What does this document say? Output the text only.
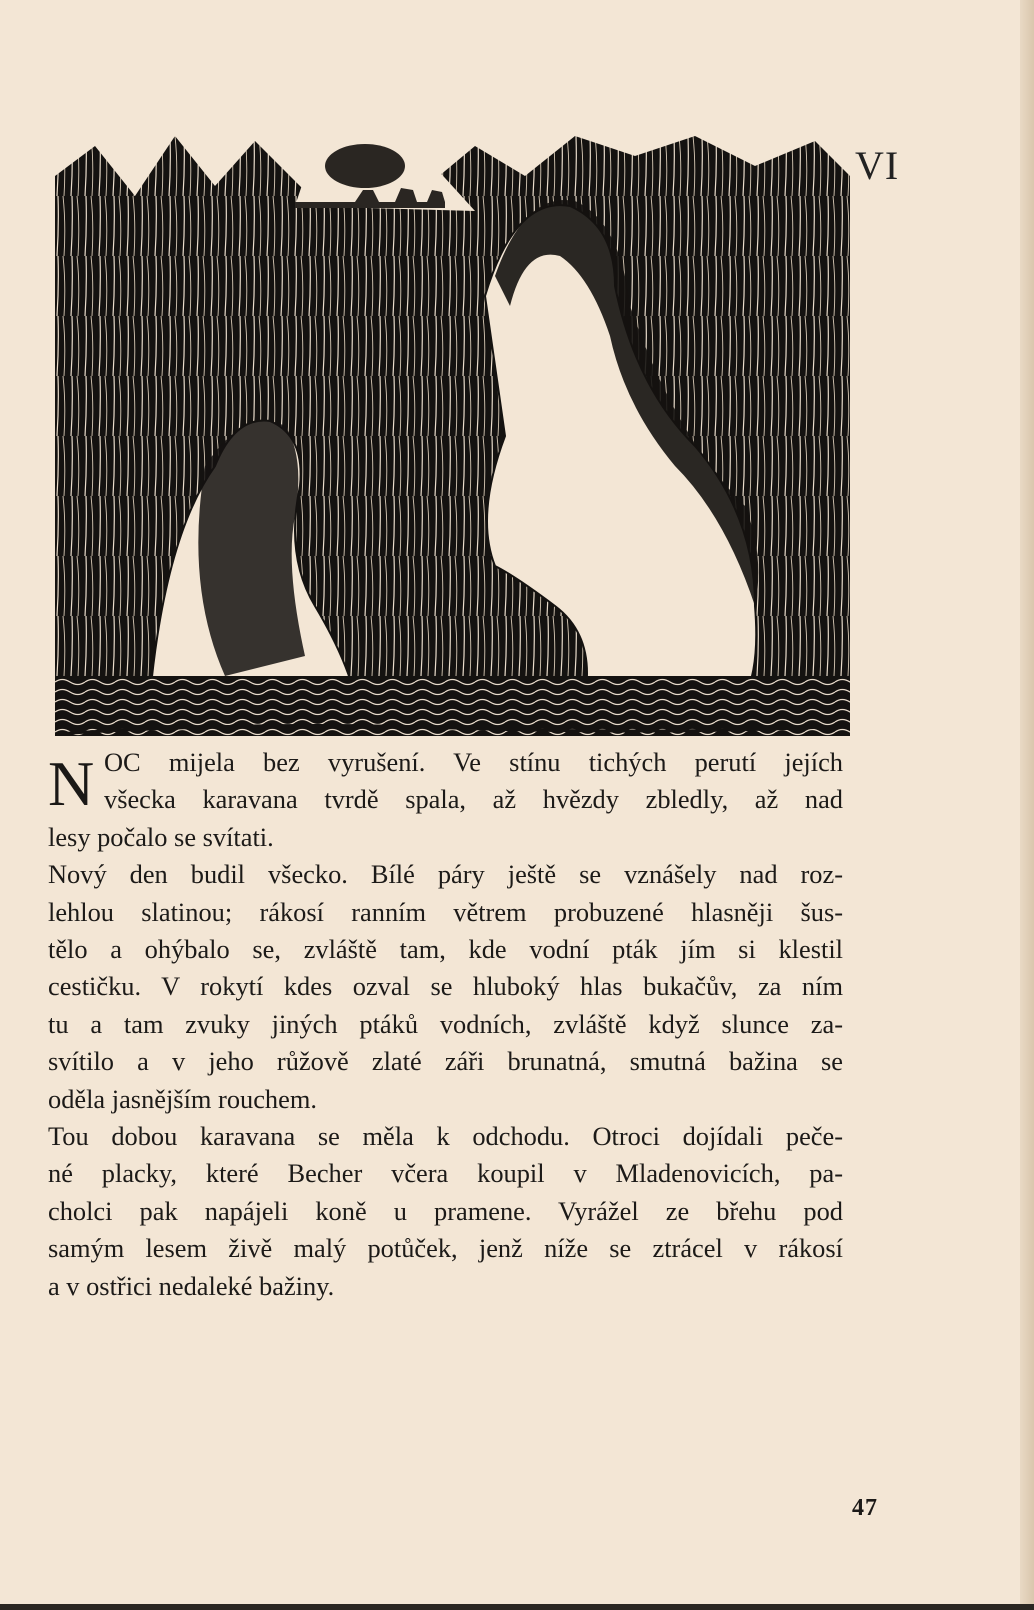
VI
N OC mijela bez vyrušení. Ve stínu tichých perutí jejích
všecka karavana tvrdě spala, až hvězdy zbledly, až nad
lesy počalo se svítati.
Nový den budil všecko. Bílé páry ještě se vznášely nad roz-
lehlou slatinou; rákosí ranním větrem probuzené hlasněji šus-
tělo a ohýbalo se, zvláště tam, kde vodní pták jím si klestil
cestičku. V rokytí kdes ozval se hluboký hlas bukačův, za ním
tu a tam zvuky jiných ptáků vodních, zvláště když slunce za-
svítilo a v jeho růžově zlaté záři brunatná, smutná bažina se
oděla jasnějším rouchem.
Tou dobou karavana se měla k odchodu. Otroci dojídali peče-
né placky, které Becher včera koupil v Mladenovicích, pa-
cholci pak napájeli koně u pramene. Vyrážel ze břehu pod
samým lesem živě malý potůček, jenž níže se ztrácel v rákosí
a v ostřici nedaleké bažiny.
47
